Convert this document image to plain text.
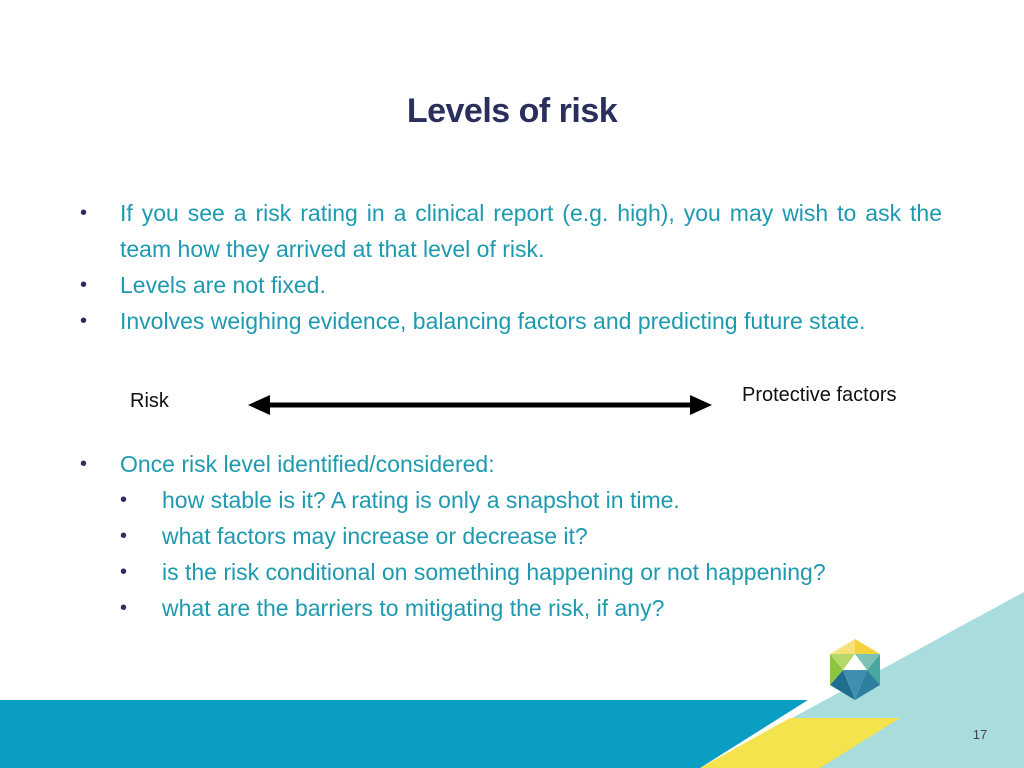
Levels of risk
• If you see a risk rating in a clinical report (e.g. high), you may wish to ask the team how they arrived at that level of risk.
• Levels are not fixed.
• Involves weighing evidence, balancing factors and predicting future state.
Risk	Protective factors
• Once risk level identified/considered:
• how stable is it? A rating is only a snapshot in time.
• what factors may increase or decrease it?
• is the risk conditional on something happening or not happening?
• what are the barriers to mitigating the risk, if any?
17
